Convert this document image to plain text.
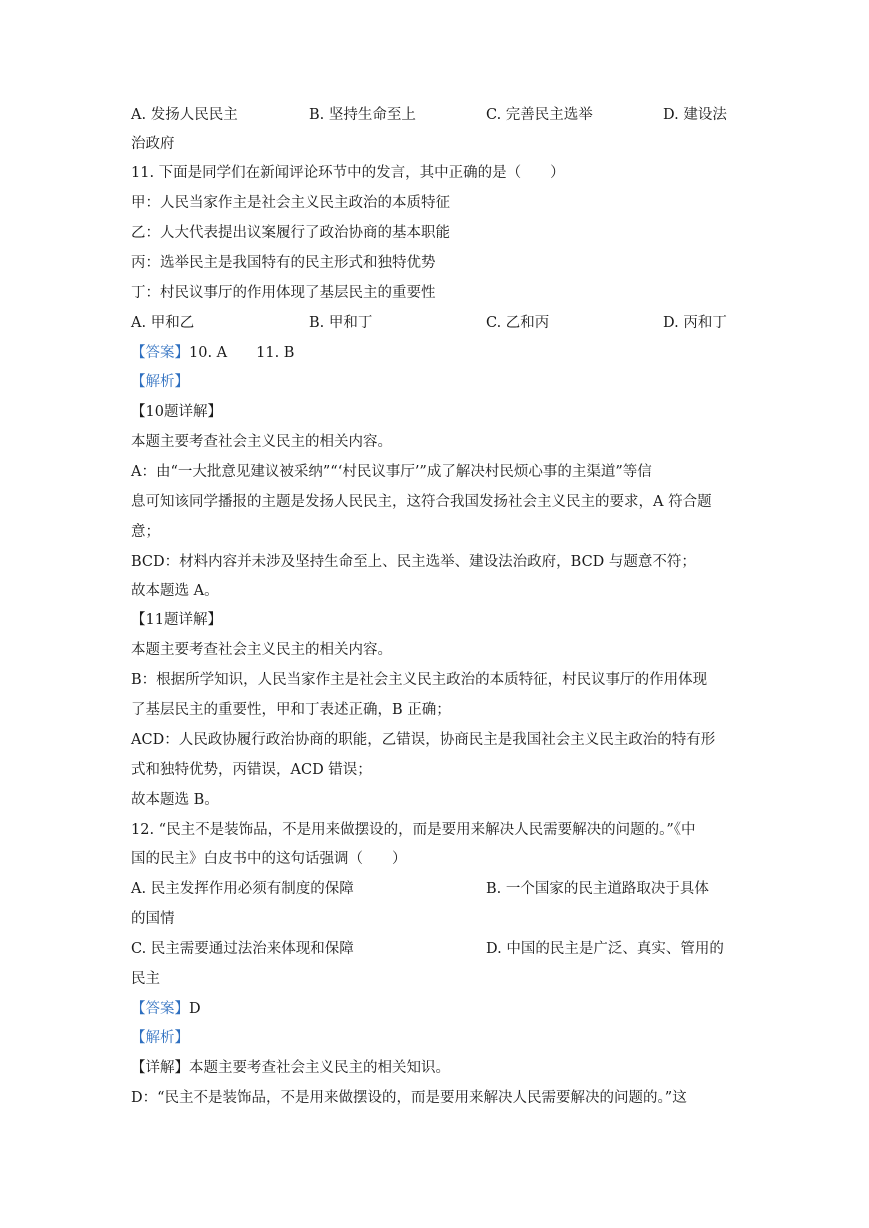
A. 发扬人民民主	B. 坚持生命至上	C. 完善民主选举	D. 建设法
治政府
11. 下面是同学们在新闻评论环节中的发言，其中正确的是（　　）
甲：人民当家作主是社会主义民主政治的本质特征
乙：人大代表提出议案履行了政治协商的基本职能
丙：选举民主是我国特有的民主形式和独特优势
丁：村民议事厅的作用体现了基层民主的重要性
A. 甲和乙	B. 甲和丁	C. 乙和丙	D. 丙和丁
【答案】10. A　　11. B
【解析】
【10题详解】
本题主要考查社会主义民主的相关内容。
A：由“一大批意见建议被采纳”“‘村民议事厅’”成了解决村民烦心事的主渠道”等信
息可知该同学播报的主题是发扬人民民主，这符合我国发扬社会主义民主的要求，A 符合题
意；
BCD：材料内容并未涉及坚持生命至上、民主选举、建设法治政府，BCD 与题意不符；
故本题选 A。
【11题详解】
本题主要考查社会主义民主的相关内容。
B：根据所学知识，人民当家作主是社会主义民主政治的本质特征，村民议事厅的作用体现
了基层民主的重要性，甲和丁表述正确，B 正确；
ACD：人民政协履行政治协商的职能，乙错误，协商民主是我国社会主义民主政治的特有形
式和独特优势，丙错误，ACD 错误；
故本题选 B。
12. “民主不是装饰品，不是用来做摆设的，而是要用来解决人民需要解决的问题的。”《中
国的民主》白皮书中的这句话强调（　　）
A. 民主发挥作用必须有制度的保障	B. 一个国家的民主道路取决于具体
的国情
C. 民主需要通过法治来体现和保障	D. 中国的民主是广泛、真实、管用的
民主
【答案】D
【解析】
【详解】本题主要考查社会主义民主的相关知识。
D：“民主不是装饰品，不是用来做摆设的，而是要用来解决人民需要解决的问题的。”这
